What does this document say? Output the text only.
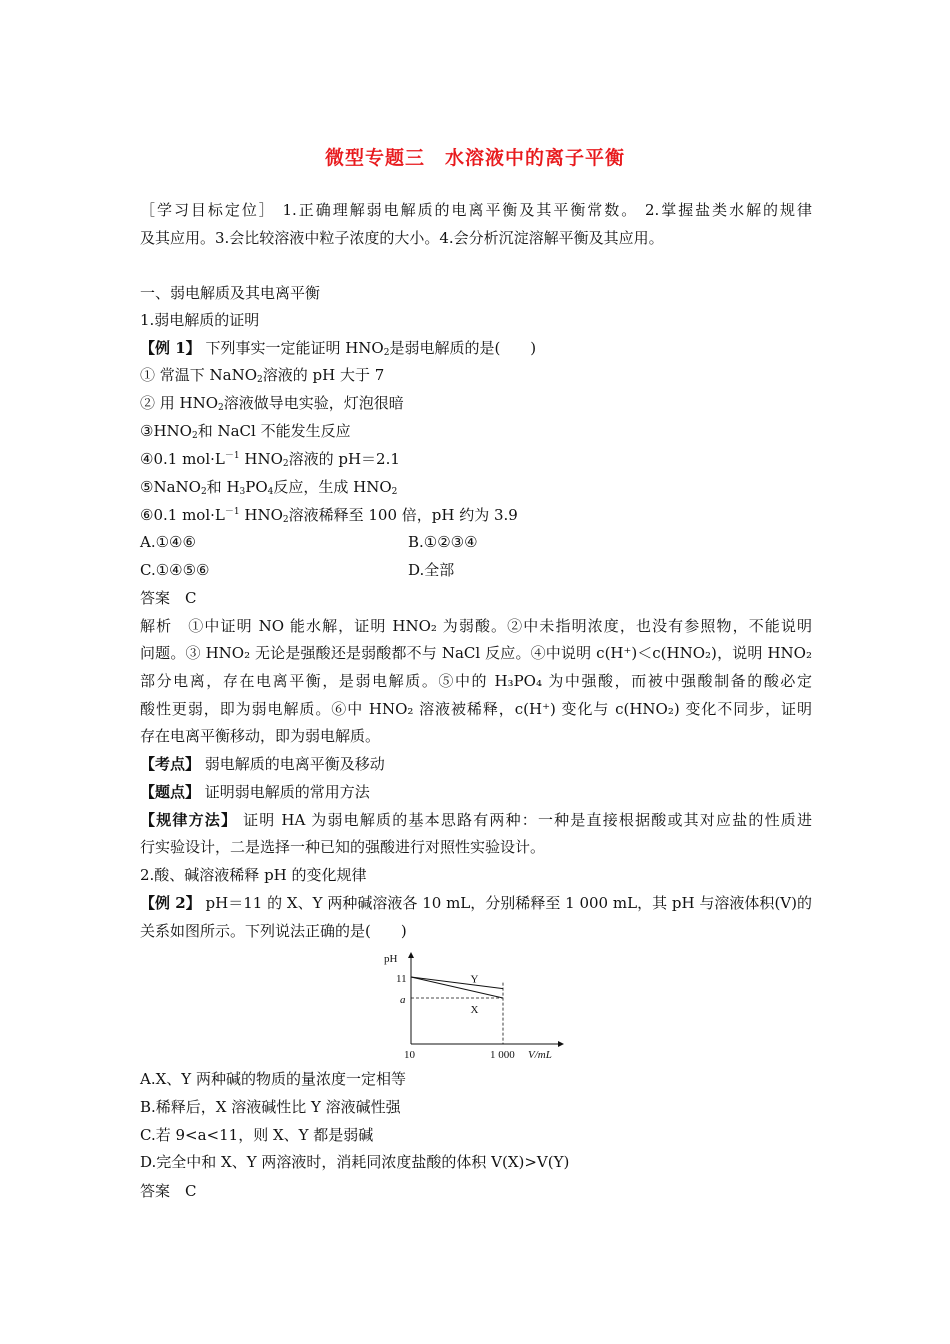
微型专题三　水溶液中的离子平衡
［学习目标定位］ 1.正确理解弱电解质的电离平衡及其平衡常数。 2.掌握盐类水解的规律
及其应用。3.会比较溶液中粒子浓度的大小。4.会分析沉淀溶解平衡及其应用。
一、弱电解质及其电离平衡
1.弱电解质的证明
【例 1】 下列事实一定能证明 $HNO_2$是弱电解质的是(　　)
① 常温下 NaNO$_2$溶液的 pH 大于 7
② 用 $HNO_2$溶液做导电实验，灯泡很暗
$③HNO_2$和 NaCl 不能发生反应
④0.1 $mol\cdot L^{-1}$ $HNO_2$溶液的 pH＝2.1
⑤NaNO$_2$和 $H_3PO_4$反应，生成 $HNO_2$
⑥0.1 $mol\cdot L^{-1}$ $HNO_2$溶液稀释至 100 倍，pH 约为 3.9
A.①④⑥	B.①②③④
C.①④⑤⑥	D.全部
答案　C
解析　①中证明 NO 能水解，证明 HNO₂ 为弱酸。②中未指明浓度，也没有参照物，不能说明
问题。③ HNO₂ 无论是强酸还是弱酸都不与 NaCl 反应。④中说明 c(H⁺)＜c(HNO₂)，说明 HNO₂
部分电离，存在电离平衡，是弱电解质。⑤中的 H₃PO₄ 为中强酸，而被中强酸制备的酸必定
酸性更弱，即为弱电解质。⑥中 HNO₂ 溶液被稀释，c(H⁺) 变化与 c(HNO₂) 变化不同步，证明
存在电离平衡移动，即为弱电解质。
【考点】 弱电解质的电离平衡及移动
【题点】 证明弱电解质的常用方法
【规律方法】 证明 HA 为弱电解质的基本思路有两种：一种是直接根据酸或其对应盐的性质进
行实验设计，二是选择一种已知的强酸进行对照性实验设计。
2.酸、碱溶液稀释 pH 的变化规律
【例 2】 pH＝11 的 X、Y 两种碱溶液各 10 mL，分别稀释至 1 000 mL，其 pH 与溶液体积(V)的
关系如图所示。下列说法正确的是(　　)
pH
V/mL
10	1 000
11
a
Y
X
A.X、Y 两种碱的物质的量浓度一定相等
B.稀释后，X 溶液碱性比 Y 溶液碱性强
C.若 9<a<11，则 X、Y 都是弱碱
D.完全中和 X、Y 两溶液时，消耗同浓度盐酸的体积 V(X)>V(Y)
答案　C
